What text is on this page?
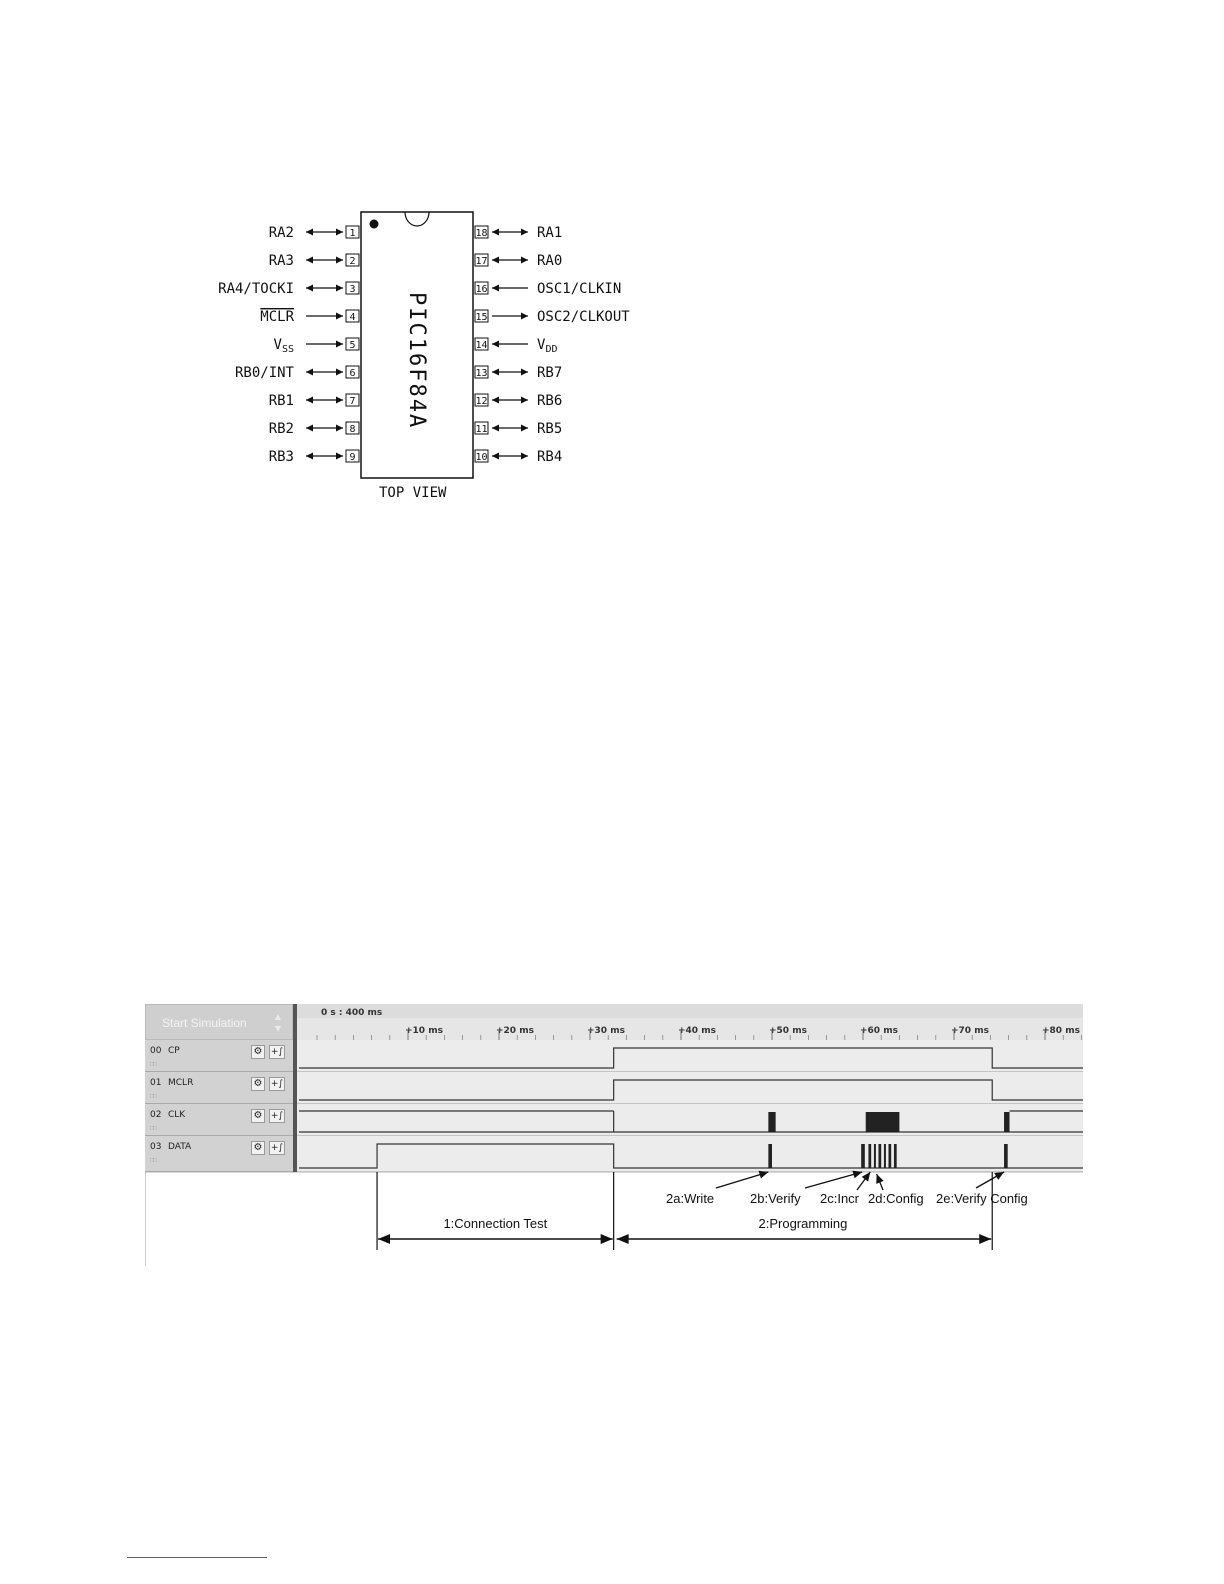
PIC16F84A
TOP VIEW
1
RA2
2
RA3
3
RA4/TOCKI
4
MCLR
5
$V_{SS}$
6
RB0/INT
7
RB1
8
RB2
9
RB3
18	RA1
17	RA0
16	OSC1/CLKIN
15	OSC2/CLKOUT
14	$V_{DD}$
13	RB7
12	RB6
11	RB5
10	RB4
0 s : 400 ms
+10 ms	+20 ms	+30 ms	+40 ms	+50 ms	+60 ms	+70 ms	+80 ms
2a:Write	2b:Verify 2c:Incr 2d:Config 2e:Verify Config
1:Connection Test	2:Programming
Start Simulation	▲
▼
00 CP
∷∷
⚙ +∫
01 MCLR
∷∷
⚙ +∫
02 CLK
∷∷
⚙ +∫
03 DATA
∷∷
⚙ +∫
